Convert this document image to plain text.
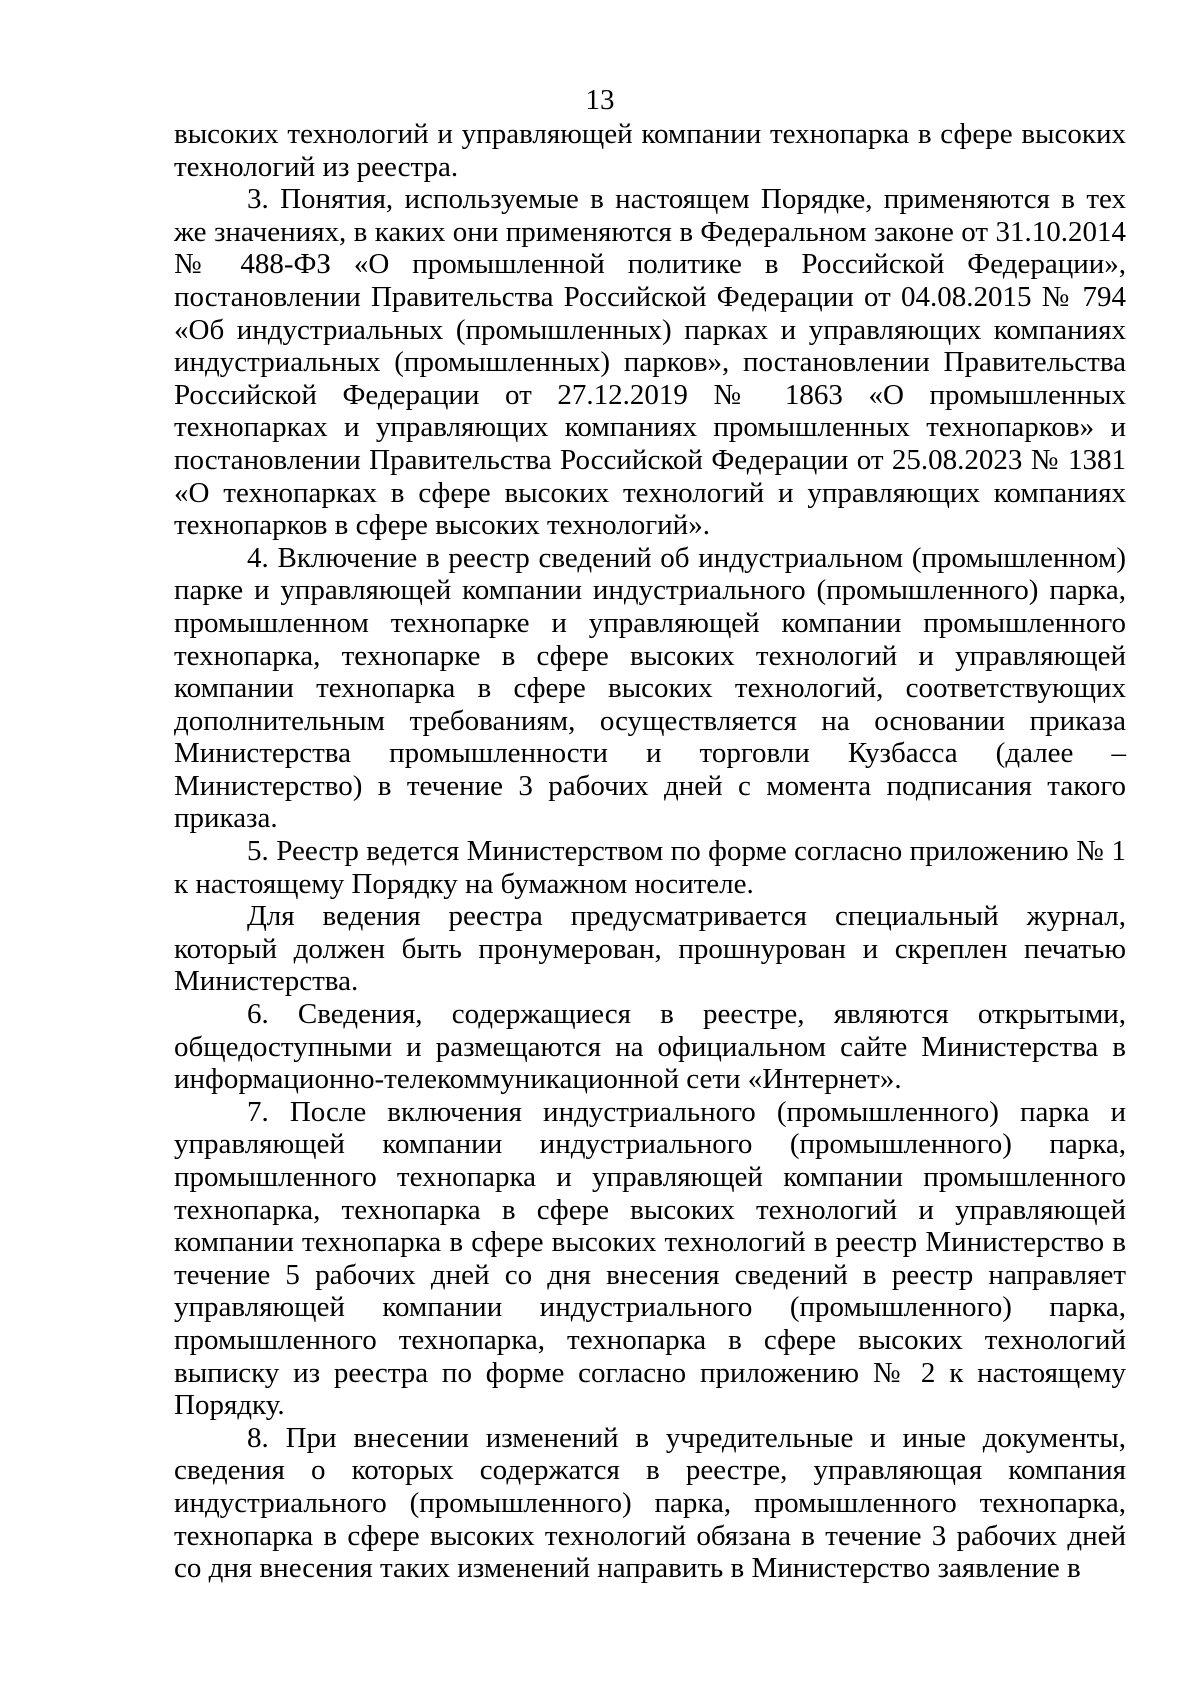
13

высоких технологий и управляющей компании технопарка в сфере высоких технологий из реестра.

3. Понятия, используемые в настоящем Порядке, применяются в тех же значениях, в каких они применяются в Федеральном законе от 31.10.2014 № 488-ФЗ «О промышленной политике в Российской Федерации», постановлении Правительства Российской Федерации от 04.08.2015 № 794 «Об индустриальных (промышленных) парках и управляющих компаниях индустриальных (промышленных) парков», постановлении Правительства Российской Федерации от 27.12.2019 № 1863 «О промышленных технопарках и управляющих компаниях промышленных технопарков» и постановлении Правительства Российской Федерации от 25.08.2023 № 1381 «О технопарках в сфере высоких технологий и управляющих компаниях технопарков в сфере высоких технологий».

4. Включение в реестр сведений об индустриальном (промышленном) парке и управляющей компании индустриального (промышленного) парка, промышленном технопарке и управляющей компании промышленного технопарка, технопарке в сфере высоких технологий и управляющей компании технопарка в сфере высоких технологий, соответствующих дополнительным требованиям, осуществляется на основании приказа Министерства промышленности и торговли Кузбасса (далее – Министерство) в течение 3 рабочих дней с момента подписания такого приказа.

5. Реестр ведется Министерством по форме согласно приложению № 1 к настоящему Порядку на бумажном носителе.

Для ведения реестра предусматривается специальный журнал, который должен быть пронумерован, прошнурован и скреплен печатью Министерства.

6. Сведения, содержащиеся в реестре, являются открытыми, общедоступными и размещаются на официальном сайте Министерства в информационно-телекоммуникационной сети «Интернет».

7. После включения индустриального (промышленного) парка и управляющей компании индустриального (промышленного) парка, промышленного технопарка и управляющей компании промышленного технопарка, технопарка в сфере высоких технологий и управляющей компании технопарка в сфере высоких технологий в реестр Министерство в течение 5 рабочих дней со дня внесения сведений в реестр направляет управляющей компании индустриального (промышленного) парка, промышленного технопарка, технопарка в сфере высоких технологий выписку из реестра по форме согласно приложению № 2 к настоящему Порядку.

8. При внесении изменений в учредительные и иные документы, сведения о которых содержатся в реестре, управляющая компания индустриального (промышленного) парка, промышленного технопарка, технопарка в сфере высоких технологий обязана в течение 3 рабочих дней со дня внесения таких изменений направить в Министерство заявление в
